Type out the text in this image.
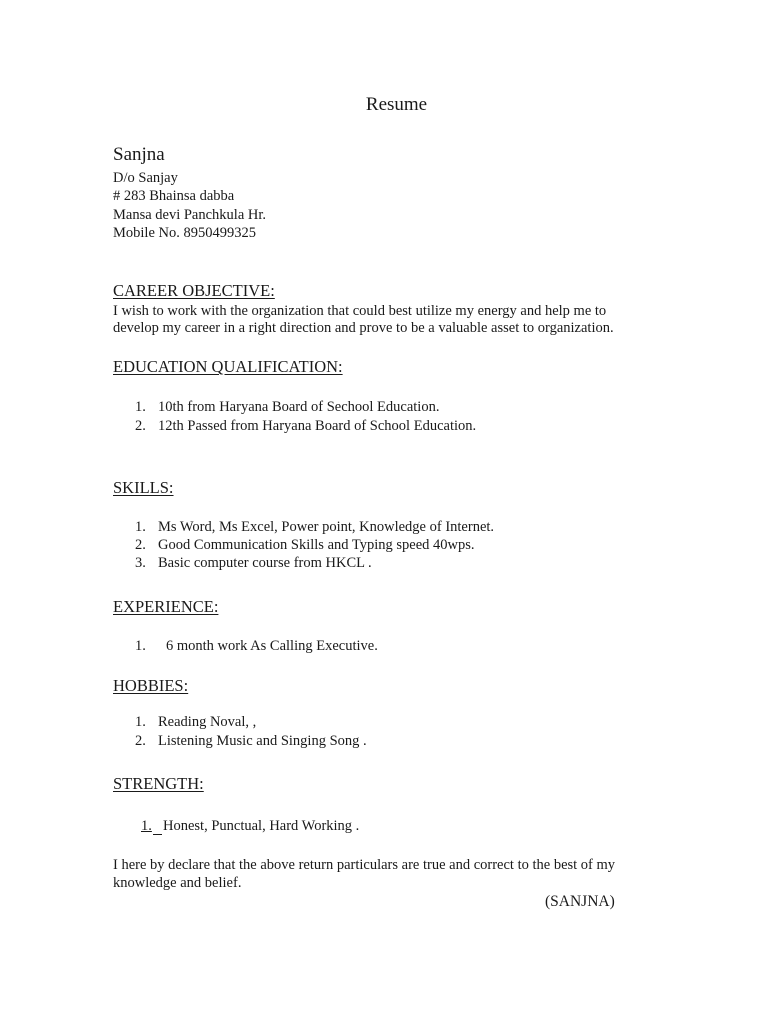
Resume
Sanjna
D/o Sanjay
# 283 Bhainsa dabba
Mansa devi Panchkula Hr.
Mobile No. 8950499325
CAREER OBJECTIVE:
I wish to work with the organization that could best utilize my energy and help me to
develop my career in a right direction and prove to be a valuable asset to organization.
EDUCATION QUALIFICATION:
1. 10th from Haryana Board of Sechool Education.
2. 12th Passed from Haryana Board of School Education.
SKILLS:
1. Ms Word, Ms Excel, Power point, Knowledge of Internet.
2. Good Communication Skills and Typing speed 40wps.
3. Basic computer course from HKCL .
EXPERIENCE:
1. 6 month work As Calling Executive.
HOBBIES:
1. Reading Noval, ,
2. Listening Music and Singing Song .
STRENGTH:
1. Honest, Punctual, Hard Working .
I here by declare that the above return particulars are true and correct to the best of my
knowledge and belief.
(SANJNA)
